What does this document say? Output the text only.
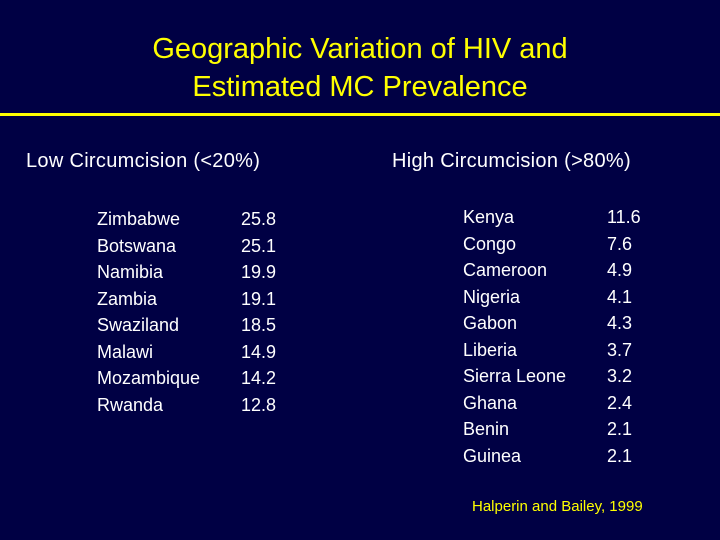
Geographic Variation of HIV and
Estimated MC Prevalence
Low Circumcision (<20%)	High Circumcision (>80%)
Zimbabwe
Botswana
Namibia
Zambia
Swaziland
Malawi
Mozambique
Rwanda
25.8
25.1
19.9
19.1
18.5
14.9
14.2
12.8
Kenya
Congo
Cameroon
Nigeria
Gabon
Liberia
Sierra Leone
Ghana
Benin
Guinea
11.6
7.6
4.9
4.1
4.3
3.7
3.2
2.4
2.1
2.1
Halperin and Bailey, 1999
